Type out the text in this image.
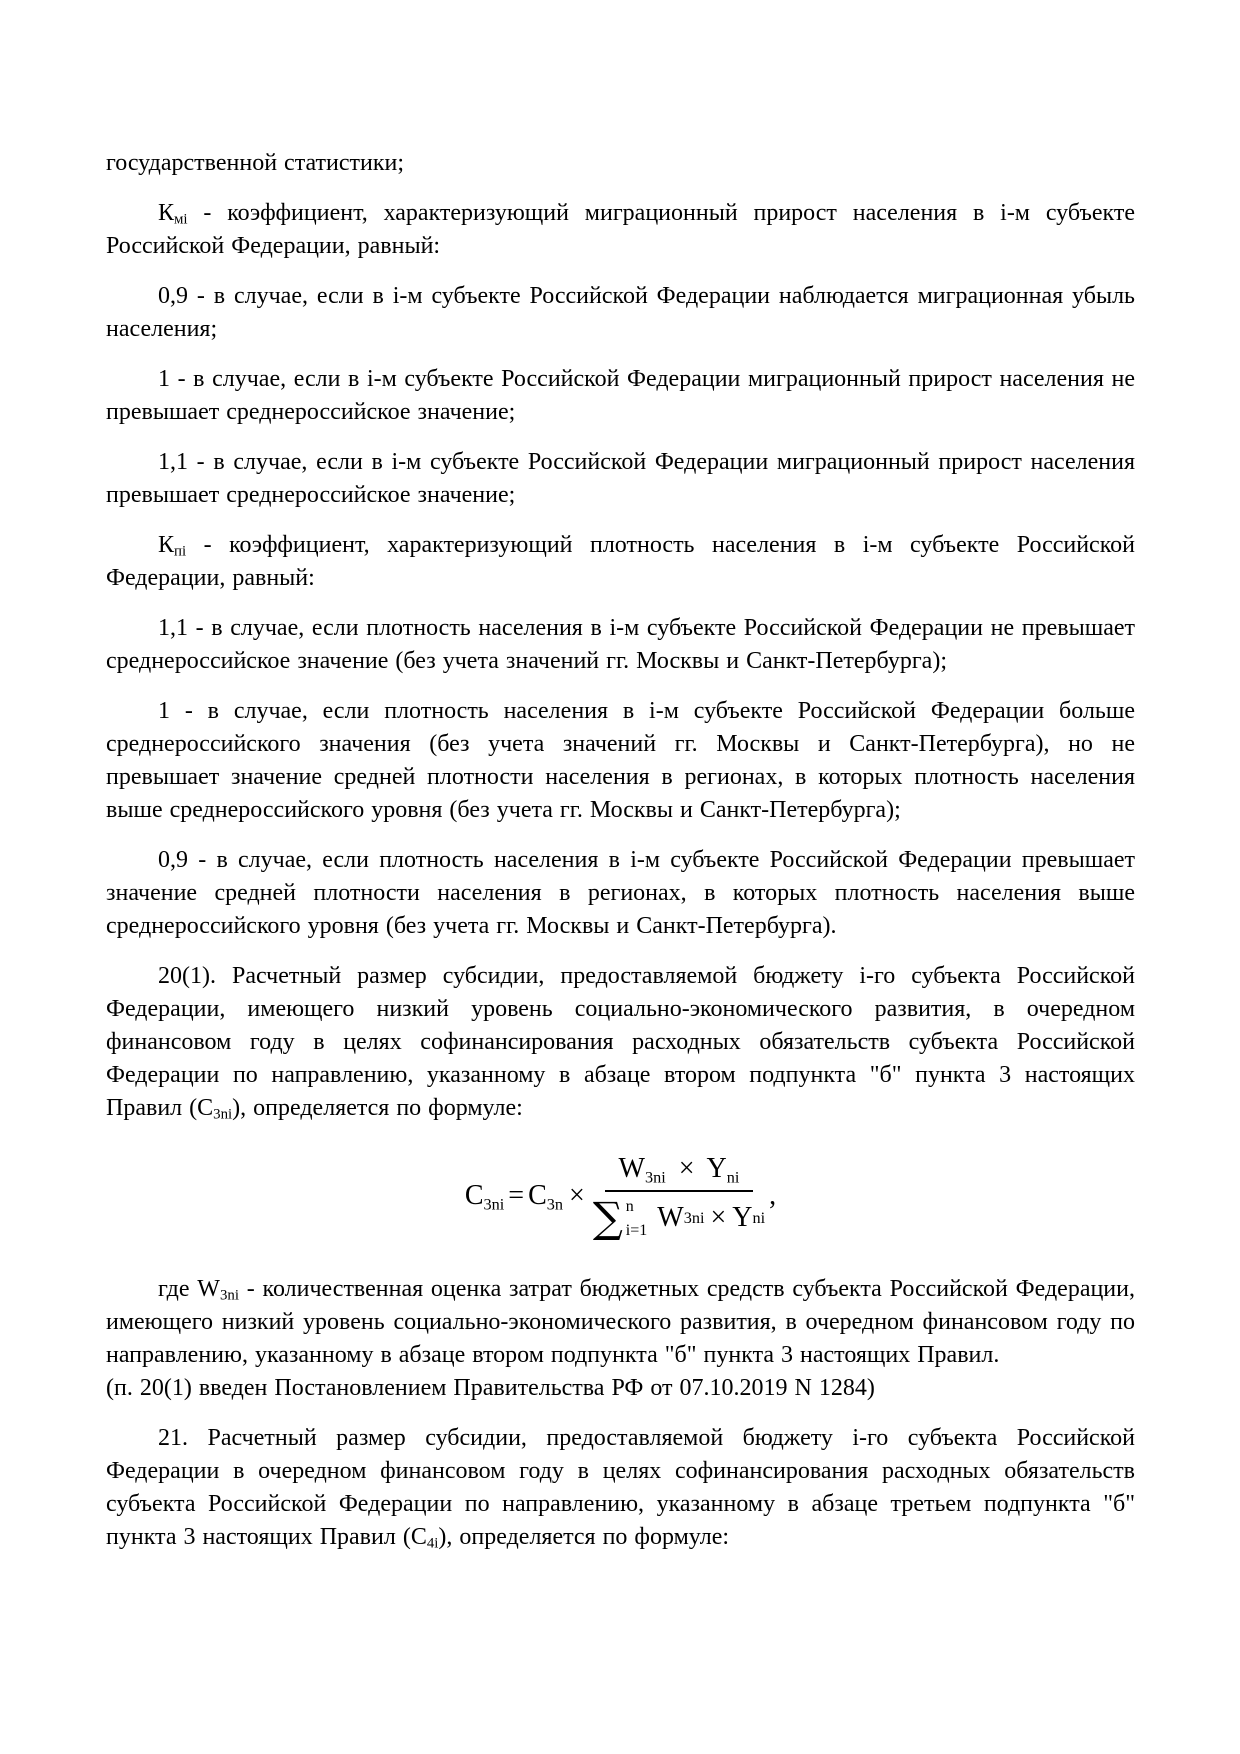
государственной статистики;

$К_{мi}$ - коэффициент, характеризующий миграционный прирост населения в i-м субъекте Российской Федерации, равный:

0,9 - в случае, если в i-м субъекте Российской Федерации наблюдается миграционная убыль населения;

1 - в случае, если в i-м субъекте Российской Федерации миграционный прирост населения не превышает среднероссийское значение;

1,1 - в случае, если в i-м субъекте Российской Федерации миграционный прирост населения превышает среднероссийское значение;

$К_{пi}$ - коэффициент, характеризующий плотность населения в i-м субъекте Российской Федерации, равный:

1,1 - в случае, если плотность населения в i-м субъекте Российской Федерации не превышает среднероссийское значение (без учета значений гг. Москвы и Санкт-Петербурга);

1 - в случае, если плотность населения в i-м субъекте Российской Федерации больше среднероссийского значения (без учета значений гг. Москвы и Санкт-Петербурга), но не превышает значение средней плотности населения в регионах, в которых плотность населения выше среднероссийского уровня (без учета гг. Москвы и Санкт-Петербурга);

0,9 - в случае, если плотность населения в i-м субъекте Российской Федерации превышает значение средней плотности населения в регионах, в которых плотность населения выше среднероссийского уровня (без учета гг. Москвы и Санкт-Петербурга).

20(1). Расчетный размер субсидии, предоставляемой бюджету i-го субъекта Российской Федерации, имеющего низкий уровень социально-экономического развития, в очередном финансовом году в целях софинансирования расходных обязательств субъекта Российской Федерации по направлению, указанному в абзаце втором подпункта "б" пункта 3 настоящих Правил $(С_{3ni})$, определяется по формуле:

$C_{3ni} = C_{3n}$ ×
$W_{3ni} \times Y_{ni}$
∑ n
i=1 W 3ni × Y ni
,

где $W_{3ni}$ - количественная оценка затрат бюджетных средств субъекта Российской Федерации, имеющего низкий уровень социально-экономического развития, в очередном финансовом году по направлению, указанному в абзаце втором подпункта "б" пункта 3 настоящих Правил.

(п. 20(1) введен Постановлением Правительства РФ от 07.10.2019 N 1284)

21. Расчетный размер субсидии, предоставляемой бюджету i-го субъекта Российской Федерации в очередном финансовом году в целях софинансирования расходных обязательств субъекта Российской Федерации по направлению, указанному в абзаце третьем подпункта "б" пункта 3 настоящих Правил $(С_{4i})$, определяется по формуле:
